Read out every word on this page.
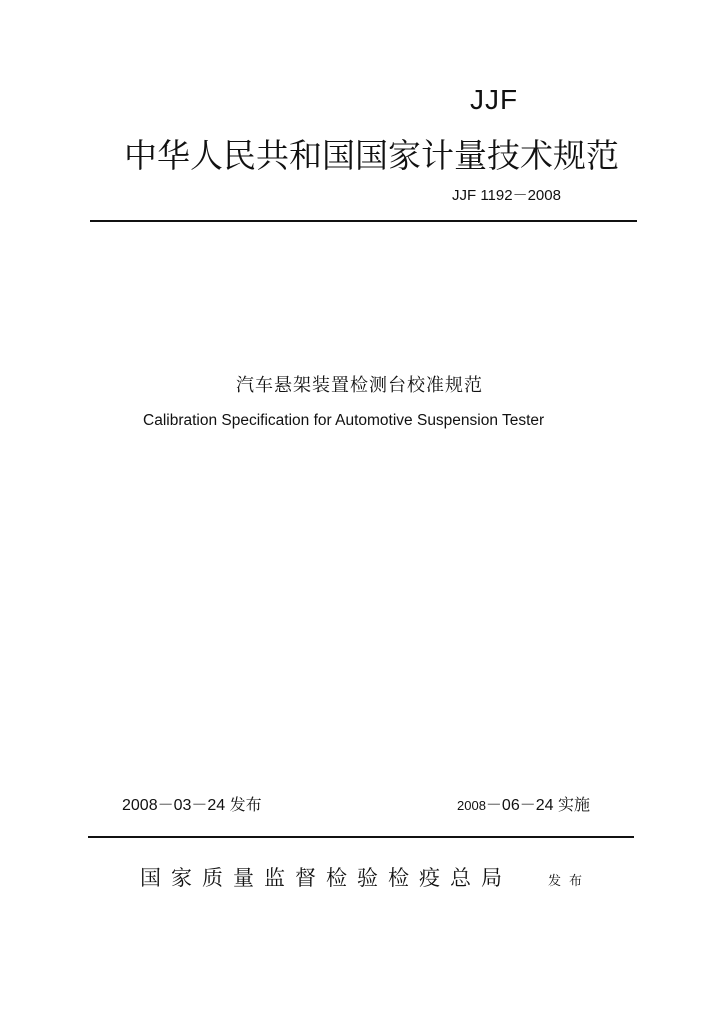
JJF
中华人民共和国国家计量技术规范
JJF 1192－2008
汽车悬架装置检测台校准规范
Calibration Specification for Automotive Suspension Tester
2008－03－24 发布	2008－06－24 实施
国家质量监督检验检疫总局	发布
